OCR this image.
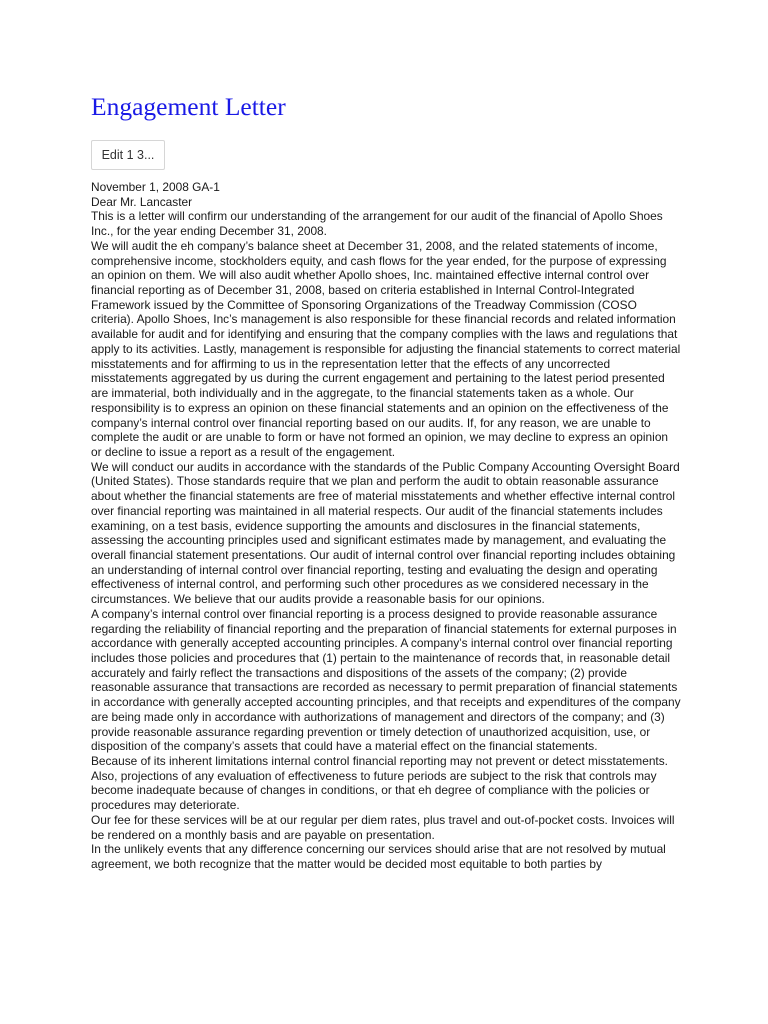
Engagement Letter
Edit 1 3...

November 1, 2008 GA-1

Dear Mr. Lancaster

This is a letter will confirm our understanding of the arrangement for our audit of the financial of Apollo Shoes Inc., for the year ending December 31, 2008.

We will audit the eh company’s balance sheet at December 31, 2008, and the related statements of income, comprehensive income, stockholders equity, and cash flows for the year ended, for the purpose of expressing an opinion on them. We will also audit whether Apollo shoes, Inc. maintained effective internal control over financial reporting as of December 31, 2008, based on criteria established in Internal Control-Integrated Framework issued by the Committee of Sponsoring Organizations of the Treadway Commission (COSO criteria). Apollo Shoes, Inc’s management is also responsible for these financial records and related information available for audit and for identifying and ensuring that the company complies with the laws and regulations that apply to its activities. Lastly, management is responsible for adjusting the financial statements to correct material misstatements and for affirming to us in the representation letter that the effects of any uncorrected misstatements aggregated by us during the current engagement and pertaining to the latest period presented are immaterial, both individually and in the aggregate, to the financial statements taken as a whole. Our responsibility is to express an opinion on these financial statements and an opinion on the effectiveness of the company’s internal control over financial reporting based on our audits. If, for any reason, we are unable to complete the audit or are unable to form or have not formed an opinion, we may decline to express an opinion or decline to issue a report as a result of the engagement.

We will conduct our audits in accordance with the standards of the Public Company Accounting Oversight Board (United States). Those standards require that we plan and perform the audit to obtain reasonable assurance about whether the financial statements are free of material misstatements and whether effective internal control over financial reporting was maintained in all material respects. Our audit of the financial statements includes examining, on a test basis, evidence supporting the amounts and disclosures in the financial statements, assessing the accounting principles used and significant estimates made by management, and evaluating the overall financial statement presentations. Our audit of internal control over financial reporting includes obtaining an understanding of internal control over financial reporting, testing and evaluating the design and operating effectiveness of internal control, and performing such other procedures as we considered necessary in the circumstances. We believe that our audits provide a reasonable basis for our opinions.

A company’s internal control over financial reporting is a process designed to provide reasonable assurance regarding the reliability of financial reporting and the preparation of financial statements for external purposes in accordance with generally accepted accounting principles. A company’s internal control over financial reporting includes those policies and procedures that (1) pertain to the maintenance of records that, in reasonable detail accurately and fairly reflect the transactions and dispositions of the assets of the company; (2) provide reasonable assurance that transactions are recorded as necessary to permit preparation of financial statements in accordance with generally accepted accounting principles, and that receipts and expenditures of the company are being made only in accordance with authorizations of management and directors of the company; and (3) provide reasonable assurance regarding prevention or timely detection of unauthorized acquisition, use, or disposition of the company’s assets that could have a material effect on the financial statements.

Because of its inherent limitations internal control financial reporting may not prevent or detect misstatements. Also, projections of any evaluation of effectiveness to future periods are subject to the risk that controls may become inadequate because of changes in conditions, or that eh degree of compliance with the policies or procedures may deteriorate.

Our fee for these services will be at our regular per diem rates, plus travel and out-of-pocket costs. Invoices will be rendered on a monthly basis and are payable on presentation.

In the unlikely events that any difference concerning our services should arise that are not resolved by mutual agreement, we both recognize that the matter would be decided most equitable to both parties by
